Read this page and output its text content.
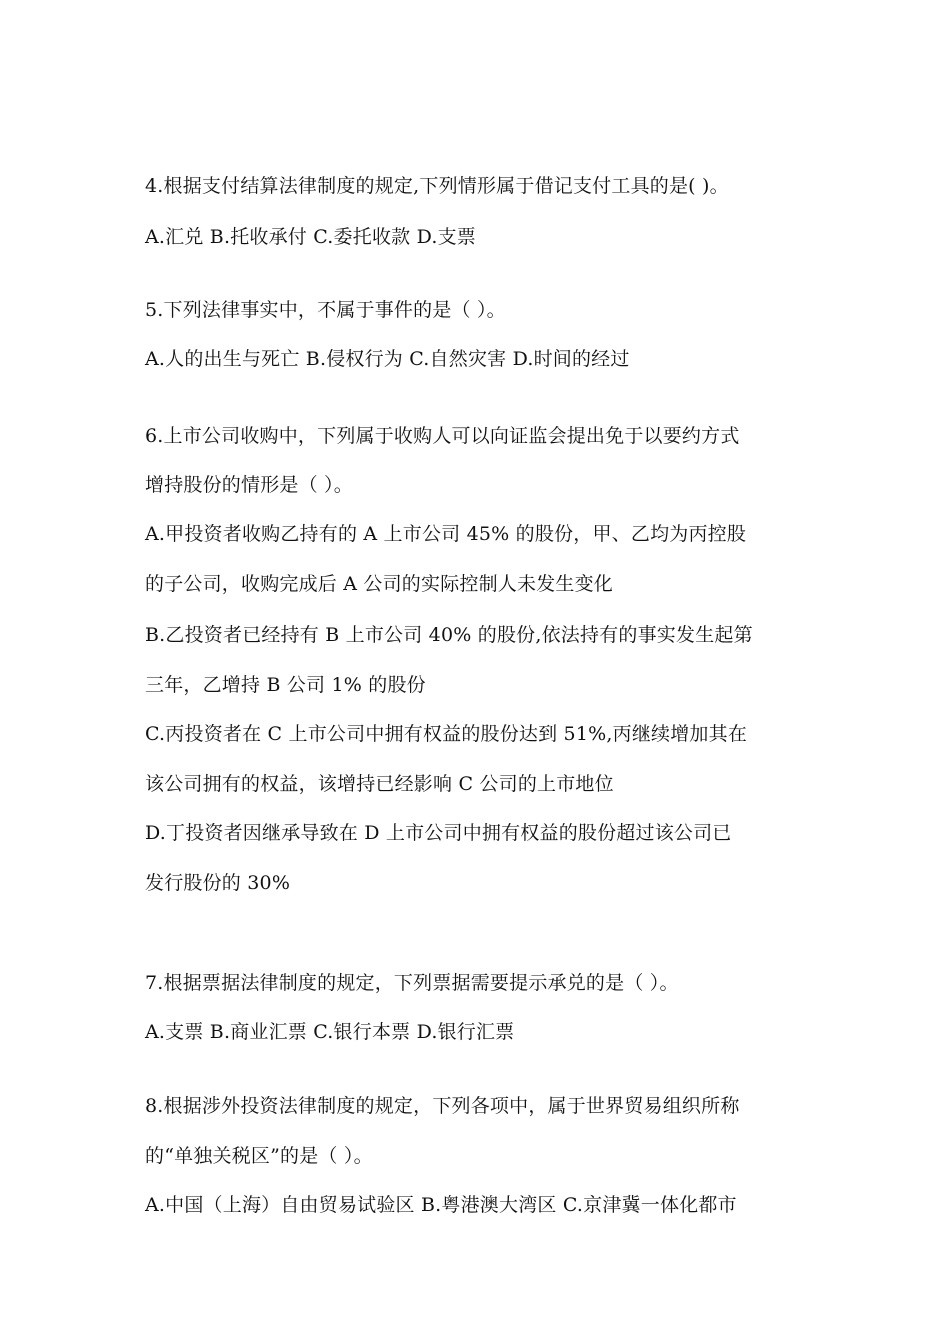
4.根据支付结算法律制度的规定,下列情形属于借记支付工具的是( )。
A.汇兑 B.托收承付 C.委托收款 D.支票
5.下列法律事实中，不属于事件的是（ ）。
A.人的出生与死亡 B.侵权行为 C.自然灾害 D.时间的经过
6.上市公司收购中，下列属于收购人可以向证监会提出免于以要约方式
增持股份的情形是（ ）。
A.甲投资者收购乙持有的 A 上市公司 45% 的股份，甲、乙均为丙控股
的子公司，收购完成后 A 公司的实际控制人未发生变化
B.乙投资者已经持有 B 上市公司 40% 的股份,依法持有的事实发生起第
三年，乙增持 B 公司 1% 的股份
C.丙投资者在 C 上市公司中拥有权益的股份达到 51%,丙继续增加其在
该公司拥有的权益，该增持已经影响 C 公司的上市地位
D.丁投资者因继承导致在 D 上市公司中拥有权益的股份超过该公司已
发行股份的 30%
7.根据票据法律制度的规定，下列票据需要提示承兑的是（ ）。
A.支票 B.商业汇票 C.银行本票 D.银行汇票
8.根据涉外投资法律制度的规定，下列各项中，属于世界贸易组织所称
的“单独关税区”的是（ ）。
A.中国（上海）自由贸易试验区 B.粤港澳大湾区 C.京津冀一体化都市
